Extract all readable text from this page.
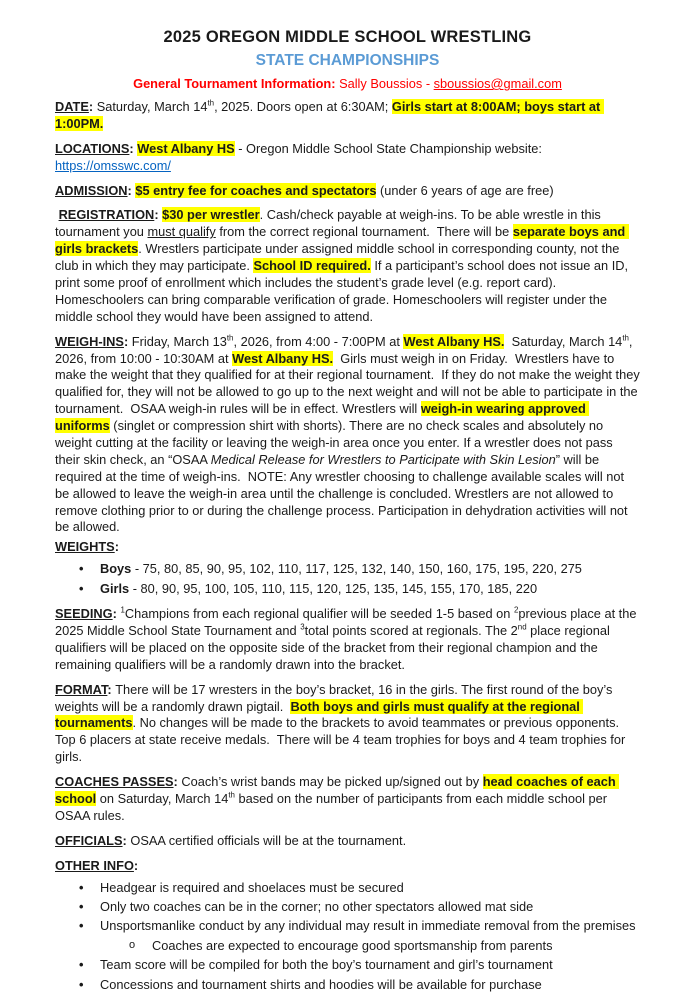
2025 OREGON MIDDLE SCHOOL WRESTLING
STATE CHAMPIONSHIPS
General Tournament Information: Sally Boussios - sboussios@gmail.com
DATE: Saturday, March 14th, 2025. Doors open at 6:30AM; Girls start at 8:00AM; boys start at 1:00PM.
LOCATIONS: West Albany HS - Oregon Middle School State Championship website: https://omsswc.com/
ADMISSION: $5 entry fee for coaches and spectators (under 6 years of age are free)
REGISTRATION: $30 per wrestler. Cash/check payable at weigh-ins. To be able wrestle in this tournament you must qualify from the correct regional tournament.  There will be separate boys and girls brackets. Wrestlers participate under assigned middle school in corresponding county, not the club in which they may participate. School ID required. If a participant’s school does not issue an ID, print some proof of enrollment which includes the student’s grade level (e.g. report card). Homeschoolers can bring comparable verification of grade. Homeschoolers will register under the middle school they would have been assigned to attend.
WEIGH-INS: Friday, March 13th, 2026, from 4:00 - 7:00PM at West Albany HS.  Saturday, March 14th, 2026, from 10:00 - 10:30AM at West Albany HS.  Girls must weigh in on Friday.  Wrestlers have to make the weight that they qualified for at their regional tournament.  If they do not make the weight they qualified for, they will not be allowed to go up to the next weight and will not be able to participate in the tournament.  OSAA weigh-in rules will be in effect. Wrestlers will weigh-in wearing approved uniforms (singlet or compression shirt with shorts). There are no check scales and absolutely no weight cutting at the facility or leaving the weigh-in area once you enter. If a wrestler does not pass their skin check, an “OSAA Medical Release for Wrestlers to Participate with Skin Lesion” will be required at the time of weigh-ins.  NOTE: Any wrestler choosing to challenge available scales will not be allowed to leave the weigh-in area until the challenge is concluded. Wrestlers are not allowed to remove clothing prior to or during the challenge process. Participation in dehydration activities will not be allowed.
WEIGHTS:
• Boys - 75, 80, 85, 90, 95, 102, 110, 117, 125, 132, 140, 150, 160, 175, 195, 220, 275
• Girls - 80, 90, 95, 100, 105, 110, 115, 120, 125, 135, 145, 155, 170, 185, 220
SEEDING: $^1$Champions from each regional qualifier will be seeded 1-5 based on $^2$previous place at the 2025 Middle School State Tournament and $^3$total points scored at regionals. The 2nd place regional qualifiers will be placed on the opposite side of the bracket from their regional champion and the remaining qualifiers will be a randomly drawn into the bracket.
FORMAT: There will be 17 wresters in the boy’s bracket, 16 in the girls. The first round of the boy’s weights will be a randomly drawn pigtail.  Both boys and girls must qualify at the regional tournaments. No changes will be made to the brackets to avoid teammates or previous opponents. Top 6 placers at state receive medals.  There will be 4 team trophies for boys and 4 team trophies for girls.
COACHES PASSES: Coach’s wrist bands may be picked up/signed out by head coaches of each school on Saturday, March 14th based on the number of participants from each middle school per OSAA rules.
OFFICIALS: OSAA certified officials will be at the tournament.
OTHER INFO:
• Headgear is required and shoelaces must be secured
• Only two coaches can be in the corner; no other spectators allowed mat side
• Unsportsmanlike conduct by any individual may result in immediate removal from the premises
o Coaches are expected to encourage good sportsmanship from parents
• Team score will be compiled for both the boy’s tournament and girl’s tournament
• Concessions and tournament shirts and hoodies will be available for purchase
